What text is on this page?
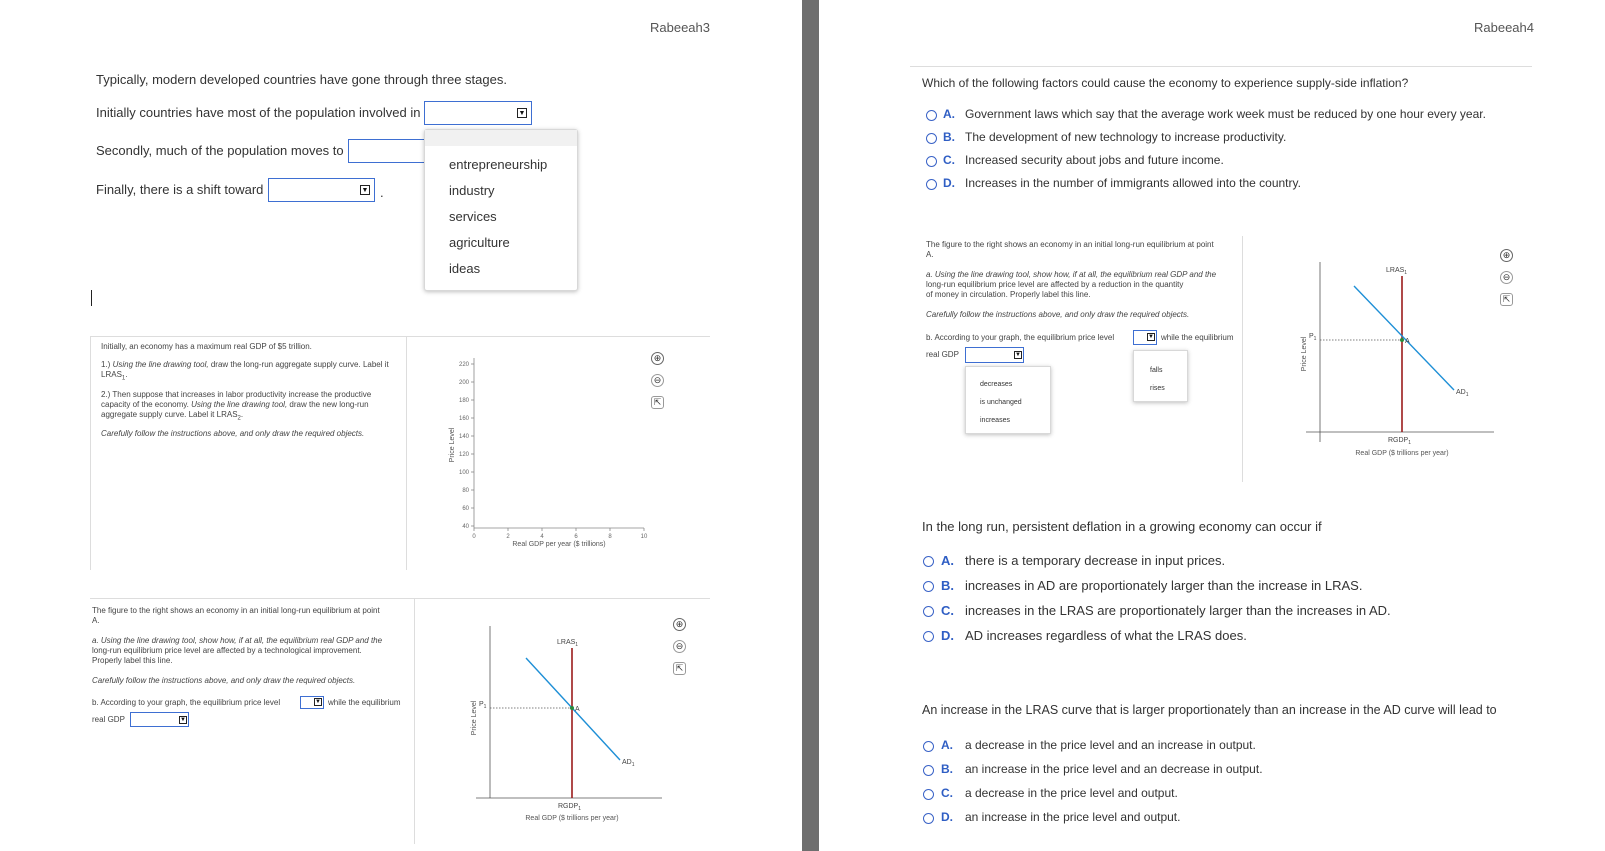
Rabeeah3	Rabeeah4
Typically, modern developed countries have gone through three stages.
Initially countries have most of the population involved in	▼
Secondly, much of the population moves to
Finally, there is a shift toward	▼ .
entrepreneurship
industry
services
agriculture
ideas
Initially, an economy has a maximum real GDP of $5 trillion.
1.) Using the line drawing tool, draw the long-run aggregate supply curve. Label it
$LRAS_1$.
2.) Then suppose that increases in labor productivity increase the productive
capacity of the economy. Using the line drawing tool, draw the new long-run
aggregate supply curve. Label it $LRAS_2$.
Carefully follow the instructions above, and only draw the required objects.
220
200
180
160
140
120
100
80
60
40
0	2	4	6	8	10
Price Level
Real GDP per year ($ trillions)
⊕
⊖
⇱
The figure to the right shows an economy in an initial long-run equilibrium at point
A.
a. Using the line drawing tool, show how, if at all, the equilibrium real GDP and the
long-run equilibrium price level are affected by a technological improvement.
Properly label this line.
Carefully follow the instructions above, and only draw the required objects.
b. According to your graph, the equilibrium price level	▼ while the equilibrium
real GDP	▼
$P_1$	A
$LRAS_1$
$AD_1$
$RGDP_1$
Real GDP ($ trillions per year)
Price Level
⊕
⊖
⇱
Which of the following factors could cause the economy to experience supply-side inflation?
A. Government laws which say that the average work week must be reduced by one hour every year.
B. The development of new technology to increase productivity.
C. Increased security about jobs and future income.
D. Increases in the number of immigrants allowed into the country.
The figure to the right shows an economy in an initial long-run equilibrium at point
A.
a. Using the line drawing tool, show how, if at all, the equilibrium real GDP and the
long-run equilibrium price level are affected by a reduction in the quantity
of money in circulation. Properly label this line.
Carefully follow the instructions above, and only draw the required objects.
b. According to your graph, the equilibrium price level	▼ while the equilibrium
real GDP	▼
falls
rises
decreases
is unchanged
increases
$P_1$	A
$LRAS_1$
$AD_1$
$RGDP_1$
Real GDP ($ trillions per year)
Price Level
⊕
⊖
⇱
In the long run, persistent deflation in a growing economy can occur if
A. there is a temporary decrease in input prices.
B. increases in AD are proportionately larger than the increase in LRAS.
C. increases in the LRAS are proportionately larger than the increases in AD.
D. AD increases regardless of what the LRAS does.
An increase in the LRAS curve that is larger proportionately than an increase in the AD curve will lead to
A. a decrease in the price level and an increase in output.
B. an increase in the price level and an decrease in output.
C. a decrease in the price level and output.
D. an increase in the price level and output.
